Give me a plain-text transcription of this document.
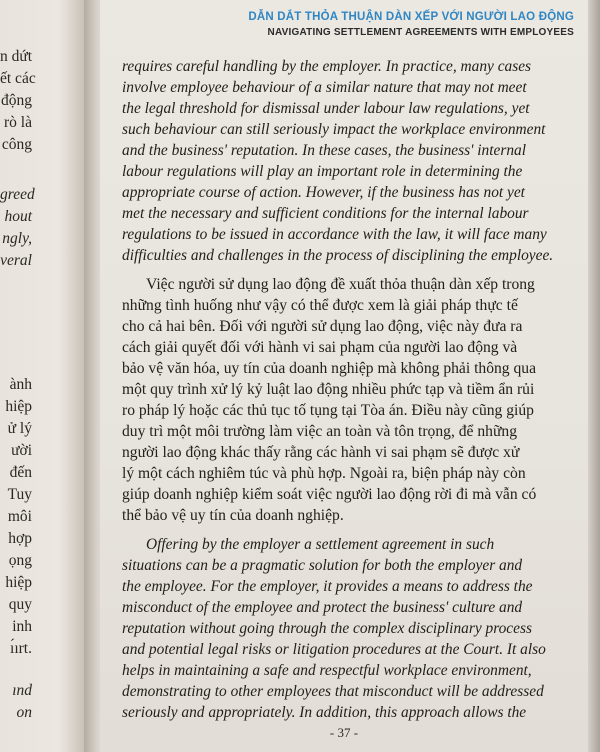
n dứt
ết các
động
rò là
công
greed
hout
ngly,
veral
ành
hiệp
ử lý
ười
đến
Tuy
môi
hợp
ọng
hiệp
quy
inh
ı́ırt.
ınd
on
DẪN DẮT THỎA THUẬN DÀN XẾP VỚI NGƯỜI LAO ĐỘNG
NAVIGATING SETTLEMENT AGREEMENTS WITH EMPLOYEES
requires careful handling by the employer. In practice, many cases
involve employee behaviour of a similar nature that may not meet
the legal threshold for dismissal under labour law regulations, yet
such behaviour can still seriously impact the workplace environment
and the business' reputation. In these cases, the business' internal
labour regulations will play an important role in determining the
appropriate course of action. However, if the business has not yet
met the necessary and sufficient conditions for the internal labour
regulations to be issued in accordance with the law, it will face many
difficulties and challenges in the process of disciplining the employee.
Việc người sử dụng lao động đề xuất thỏa thuận dàn xếp trong
những tình huống như vậy có thể được xem là giải pháp thực tế
cho cả hai bên. Đối với người sử dụng lao động, việc này đưa ra
cách giải quyết đối với hành vi sai phạm của người lao động và
bảo vệ văn hóa, uy tín của doanh nghiệp mà không phải thông qua
một quy trình xử lý kỷ luật lao động nhiều phức tạp và tiềm ẩn rủi
ro pháp lý hoặc các thủ tục tố tụng tại Tòa án. Điều này cũng giúp
duy trì một môi trường làm việc an toàn và tôn trọng, để những
người lao động khác thấy rằng các hành vi sai phạm sẽ được xử
lý một cách nghiêm túc và phù hợp. Ngoài ra, biện pháp này còn
giúp doanh nghiệp kiểm soát việc người lao động rời đi mà vẫn có
thể bảo vệ uy tín của doanh nghiệp.
Offering by the employer a settlement agreement in such
situations can be a pragmatic solution for both the employer and
the employee. For the employer, it provides a means to address the
misconduct of the employee and protect the business' culture and
reputation without going through the complex disciplinary process
and potential legal risks or litigation procedures at the Court. It also
helps in maintaining a safe and respectful workplace environment,
demonstrating to other employees that misconduct will be addressed
seriously and appropriately. In addition, this approach allows the
- 37 -
